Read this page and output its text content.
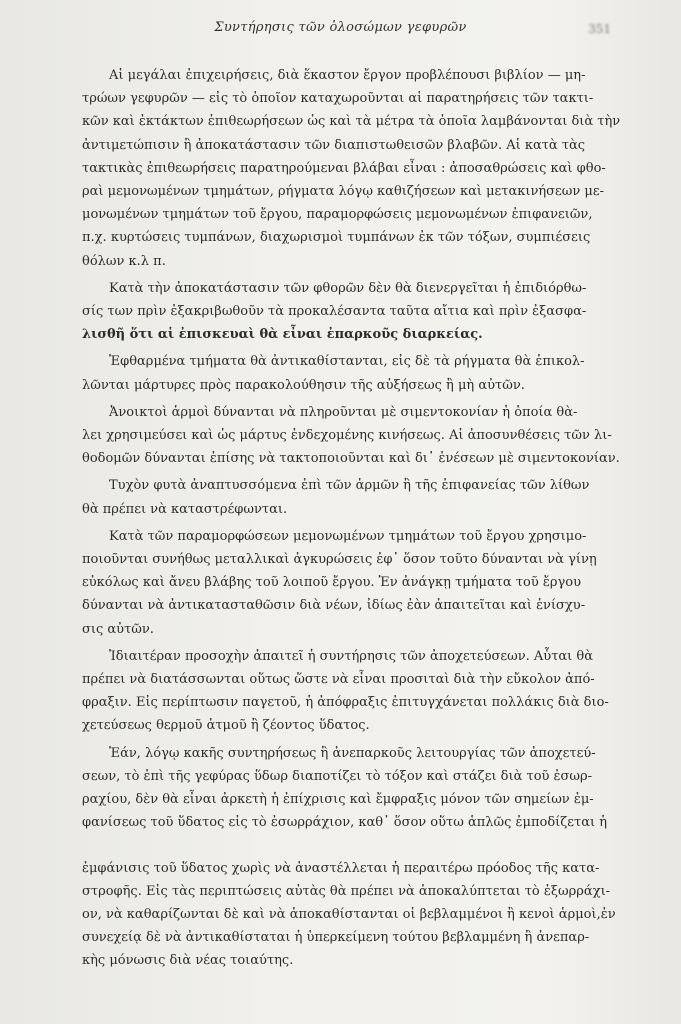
Συντήρησις τῶν ὁλοσώμων γεφυρῶν	351
Αἱ μεγάλαι ἐπιχειρήσεις, διὰ ἕκαστον ἔργον προβλέπουσι βιβλίον — μη-
τρώων γεφυρῶν — εἰς τὸ ὁποῖον καταχωροῦνται αἱ παρατηρήσεις τῶν τακτι-
κῶν καὶ ἐκτάκτων ἐπιθεωρήσεων ὡς καὶ τὰ μέτρα τὰ ὁποῖα λαμβάνονται διὰ τὴν
ἀντιμετώπισιν ἢ ἀποκατάστασιν τῶν διαπιστωθεισῶν βλαβῶν. Αἱ κατὰ τὰς
τακτικὰς ἐπιθεωρήσεις παρατηρούμεναι βλάβαι εἶναι : ἀποσαθρώσεις καὶ φθο-
ραὶ μεμονωμένων τμημάτων, ρήγματα λόγῳ καθιζήσεων καὶ μετακινήσεων με-
μονωμένων τμημάτων τοῦ ἔργου, παραμορφώσεις μεμονωμένων ἐπιφανειῶν,
π.χ. κυρτώσεις τυμπάνων, διαχωρισμοὶ τυμπάνων ἐκ τῶν τόξων, συμπιέσεις
θόλων κ.λ π.
Κατὰ τὴν ἀποκατάστασιν τῶν φθορῶν δὲν θὰ διενεργεῖται ἡ ἐπιδιόρθω-
σίς των πρὶν ἐξακριβωθοῦν τὰ προκαλέσαντα ταῦτα αἴτια καὶ πρὶν ἐξασφα-
λισθῆ ὅτι αἱ ἐπισκευαὶ θὰ εἶναι ἐπαρκοῦς διαρκείας.
Ἐφθαρμένα τμήματα θὰ ἀντικαθίστανται, εἰς δὲ τὰ ρήγματα θὰ ἐπικολ-
λῶνται μάρτυρες πρὸς παρακολούθησιν τῆς αὐξήσεως ἢ μὴ αὐτῶν.
Ἀνοικτοὶ ἁρμοὶ δύνανται νὰ πληροῦνται μὲ σιμεντοκονίαν ἡ ὁποία θὰ-
λει χρησιμεύσει καὶ ὡς μάρτυς ἐνδεχομένης κινήσεως. Αἱ ἀποσυνθέσεις τῶν λι-
θοδομῶν δύνανται ἐπίσης νὰ τακτοποιοῦνται καὶ δι᾽ ἐνέσεων μὲ σιμεντοκονίαν.
Τυχὸν φυτὰ ἀναπτυσσόμενα ἐπὶ τῶν ἁρμῶν ἢ τῆς ἐπιφανείας τῶν λίθων
θὰ πρέπει νὰ καταστρέφωνται.
Κατὰ τῶν παραμορφώσεων μεμονωμένων τμημάτων τοῦ ἔργου χρησιμο-
ποιοῦνται συνήθως μεταλλικαὶ ἀγκυρώσεις ἐφ᾽ ὅσον τοῦτο δύνανται νὰ γίνῃ
εὐκόλως καὶ ἄνευ βλάβης τοῦ λοιποῦ ἔργου. Ἐν ἀνάγκῃ τμήματα τοῦ ἔργου
δύνανται νὰ ἀντικατασταθῶσιν διὰ νέων, ἰδίως ἐὰν ἀπαιτεῖται καὶ ἐνίσχυ-
σις αὐτῶν.
Ἰδιαιτέραν προσοχὴν ἀπαιτεῖ ἡ συντήρησις τῶν ἀποχετεύσεων. Αὗται θὰ
πρέπει νὰ διατάσσωνται οὕτως ὥστε νὰ εἶναι προσιταὶ διὰ τὴν εὔκολον ἀπό-
φραξιν. Εἰς περίπτωσιν παγετοῦ, ἡ ἀπόφραξις ἐπιτυγχάνεται πολλάκις διὰ διο-
χετεύσεως θερμοῦ ἀτμοῦ ἢ ζέοντος ὕδατος.
Ἐάν, λόγῳ κακῆς συντηρήσεως ἢ ἀνεπαρκοῦς λειτουργίας τῶν ἀποχετεύ-
σεων, τὸ ἐπὶ τῆς γεφύρας ὕδωρ διαποτίζει τὸ τόξον καὶ στάζει διὰ τοῦ ἐσωρ-
ραχίου, δὲν θὰ εἶναι ἀρκετὴ ἡ ἐπίχρισις καὶ ἔμφραξις μόνον τῶν σημείων ἐμ-
φανίσεως τοῦ ὕδατος εἰς τὸ ἐσωρράχιον, καθ᾽ ὅσον οὕτω ἁπλῶς ἐμποδίζεται ἡ
ἐμφάνισις τοῦ ὕδατος χωρὶς νὰ ἀναστέλλεται ἡ περαιτέρω πρόοδος τῆς κατα-
στροφῆς. Εἰς τὰς περιπτώσεις αὐτὰς θὰ πρέπει νὰ ἀποκαλύπτεται τὸ ἐξωρράχι-
ον, νὰ καθαρίζωνται δὲ καὶ νὰ ἀποκαθίστανται οἱ βεβλαμμένοι ἢ κενοὶ ἁρμοὶ,ἐν
συνεχείᾳ δὲ νὰ ἀντικαθίσταται ἡ ὑπερκείμενη τούτου βεβλαμμένη ἢ ἀνεπαρ-
κὴς μόνωσις διὰ νέας τοιαύτης.
